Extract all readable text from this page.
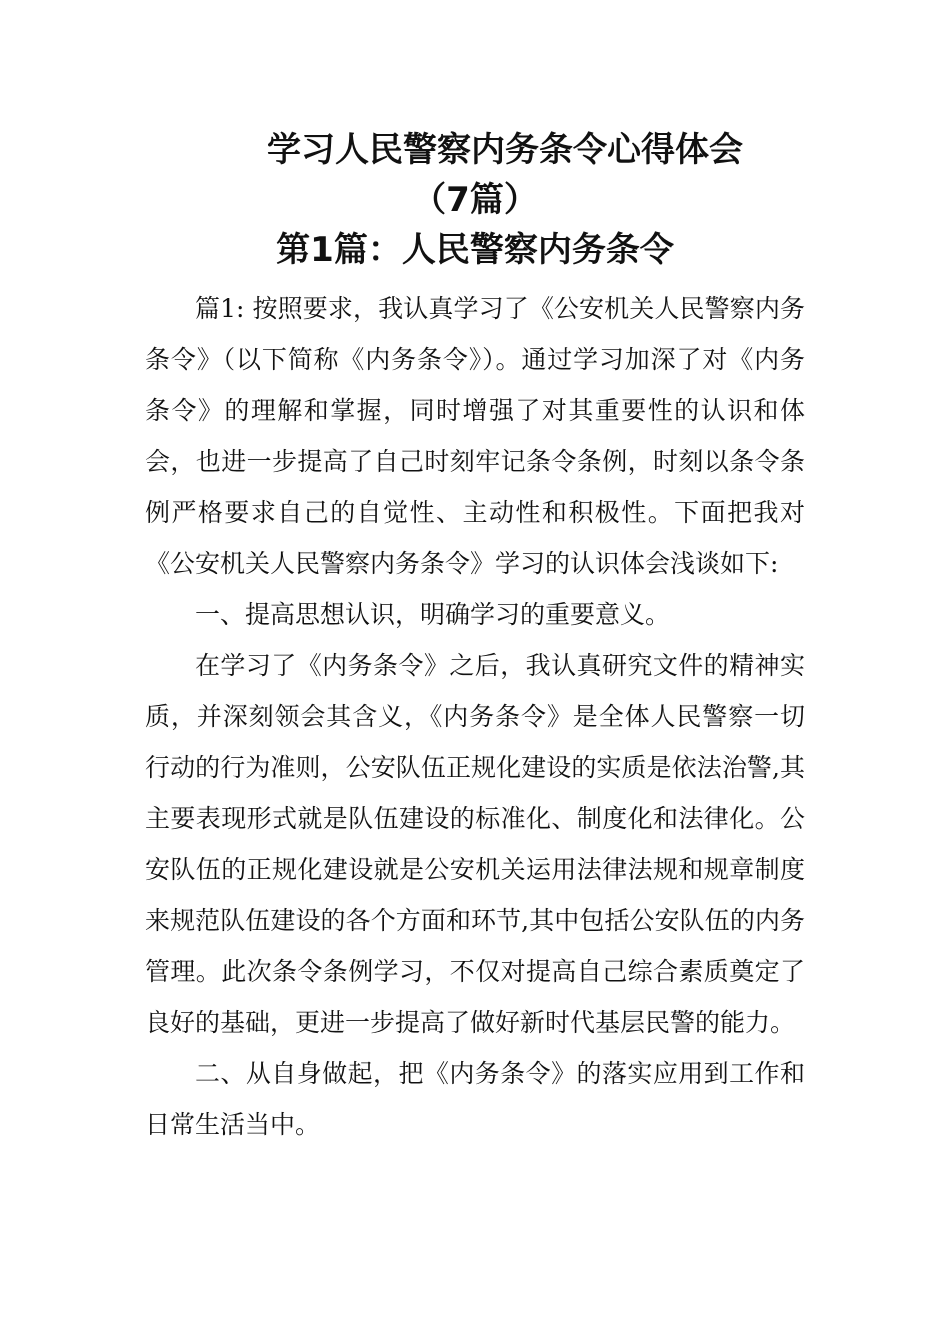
学习人民警察内务条令心得体会
（7篇）
第1篇：人民警察内务条令

篇1: 按照要求，我认真学习了《公安机关人民警察内务条令》（以下简称《内务条令》）。通过学习加深了对《内务条令》的理解和掌握，同时增强了对其重要性的认识和体会，也进一步提高了自己时刻牢记条令条例，时刻以条令条例严格要求自己的自觉性、主动性和积极性。下面把我对《公安机关人民警察内务条令》学习的认识体会浅谈如下:

一、提高思想认识，明确学习的重要意义。

在学习了《内务条令》之后，我认真研究文件的精神实质，并深刻领会其含义，《内务条令》是全体人民警察一切行动的行为准则，公安队伍正规化建设的实质是依法治警,其主要表现形式就是队伍建设的标准化、制度化和法律化。公安队伍的正规化建设就是公安机关运用法律法规和规章制度来规范队伍建设的各个方面和环节,其中包括公安队伍的内务管理。此次条令条例学习，不仅对提高自己综合素质奠定了良好的基础，更进一步提高了做好新时代基层民警的能力。

二、从自身做起，把《内务条令》的落实应用到工作和日常生活当中。
